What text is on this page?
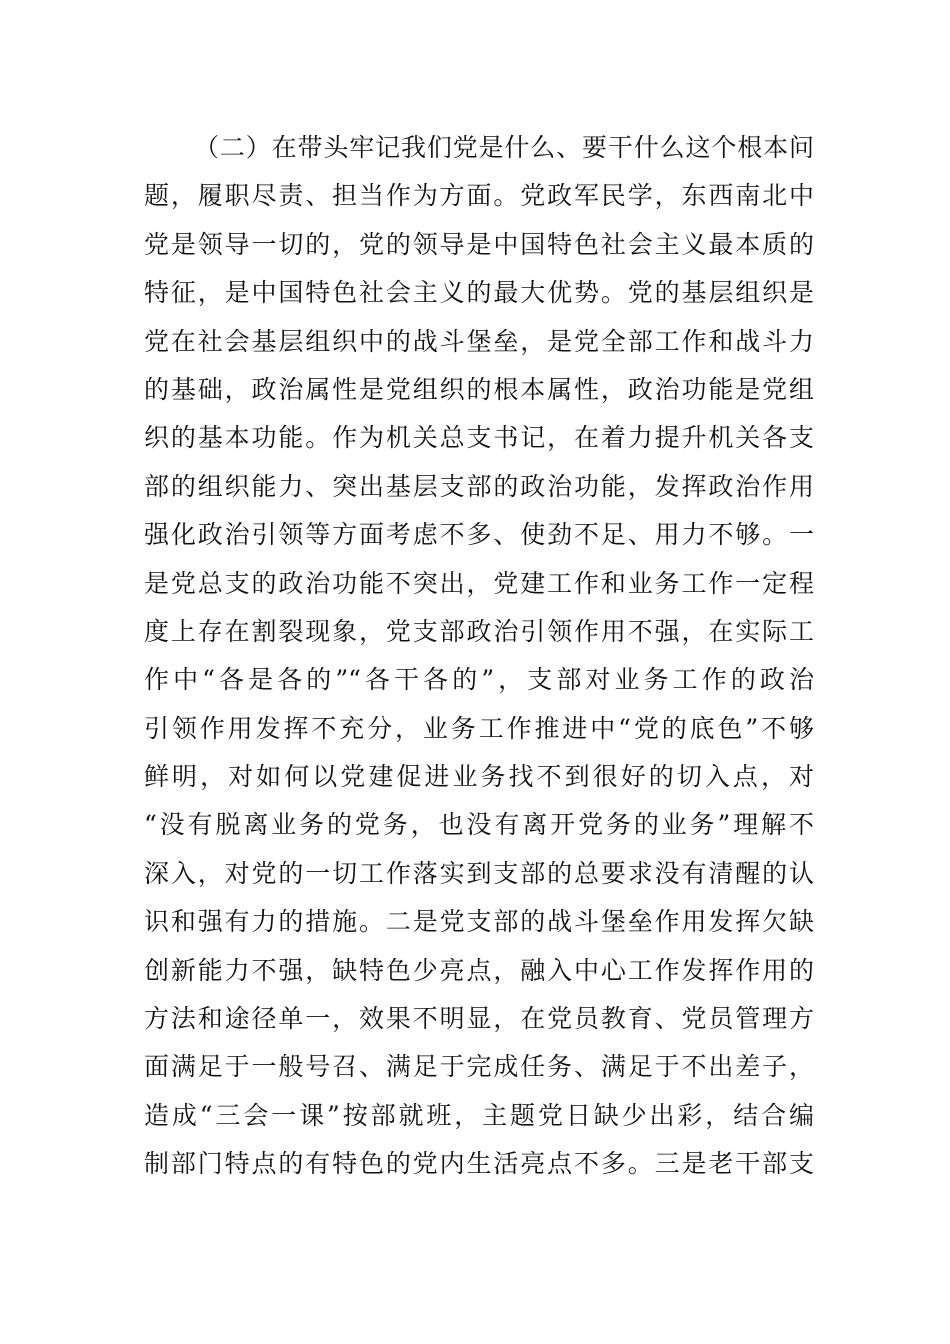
（二）在带头牢记我们党是什么、要干什么这个根本问
题，履职尽责、担当作为方面。党政军民学，东西南北中
党是领导一切的，党的领导是中国特色社会主义最本质的
特征，是中国特色社会主义的最大优势。党的基层组织是
党在社会基层组织中的战斗堡垒，是党全部工作和战斗力
的基础，政治属性是党组织的根本属性，政治功能是党组
织的基本功能。作为机关总支书记，在着力提升机关各支
部的组织能力、突出基层支部的政治功能，发挥政治作用
强化政治引领等方面考虑不多、使劲不足、用力不够。一
是党总支的政治功能不突出，党建工作和业务工作一定程
度上存在割裂现象，党支部政治引领作用不强，在实际工
作中“各是各的”“各干各的”，支部对业务工作的政治
引领作用发挥不充分，业务工作推进中“党的底色”不够
鲜明，对如何以党建促进业务找不到很好的切入点，对
“没有脱离业务的党务，也没有离开党务的业务”理解不
深入，对党的一切工作落实到支部的总要求没有清醒的认
识和强有力的措施。二是党支部的战斗堡垒作用发挥欠缺
创新能力不强，缺特色少亮点，融入中心工作发挥作用的
方法和途径单一，效果不明显，在党员教育、党员管理方
面满足于一般号召、满足于完成任务、满足于不出差子，
造成“三会一课”按部就班，主题党日缺少出彩，结合编
制部门特点的有特色的党内生活亮点不多。三是老干部支
